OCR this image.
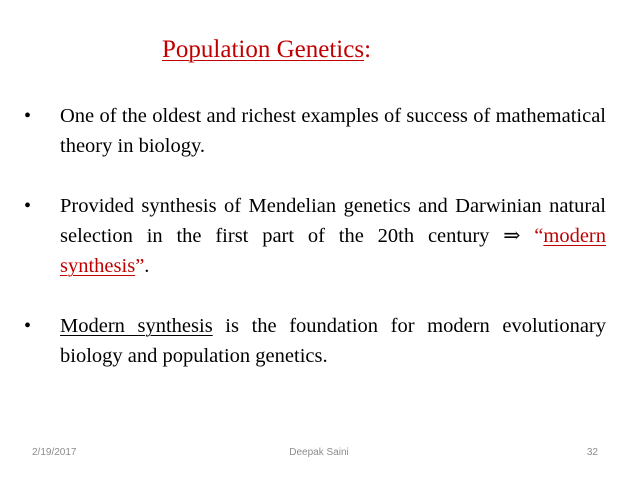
Population Genetics:
•	One of the oldest and richest examples of success of mathematical theory in biology.
•	Provided synthesis of Mendelian genetics and Darwinian natural selection in the first part of the 20th century ⇒ “modern synthesis”.
•	Modern synthesis is the foundation for modern evolutionary biology and population genetics.
2/19/2017	Deepak Saini	32
